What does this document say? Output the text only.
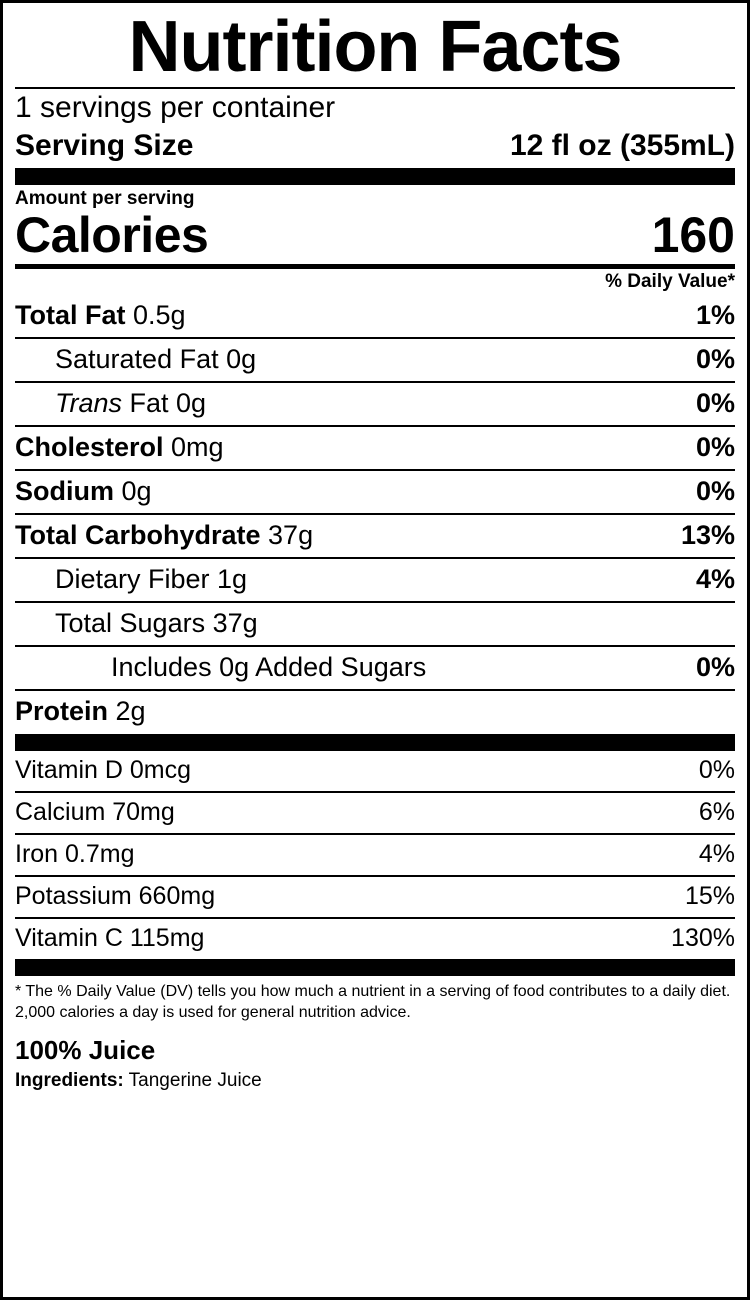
Nutrition Facts
1 servings per container
Serving Size	12 fl oz (355mL)
Amount per serving
Calories	160
% Daily Value*
Total Fat 0.5g	1%
Saturated Fat 0g	0%
Trans Fat 0g	0%
Cholesterol 0mg	0%
Sodium 0g	0%
Total Carbohydrate 37g	13%
Dietary Fiber 1g	4%
Total Sugars 37g
Includes 0g Added Sugars	0%
Protein 2g
Vitamin D 0mcg	0%
Calcium 70mg	6%
Iron 0.7mg	4%
Potassium 660mg	15%
Vitamin C 115mg	130%
* The % Daily Value (DV) tells you how much a nutrient in a serving of food contributes to a daily diet. 2,000 calories a day is used for general nutrition advice.
100% Juice
Ingredients: Tangerine Juice
